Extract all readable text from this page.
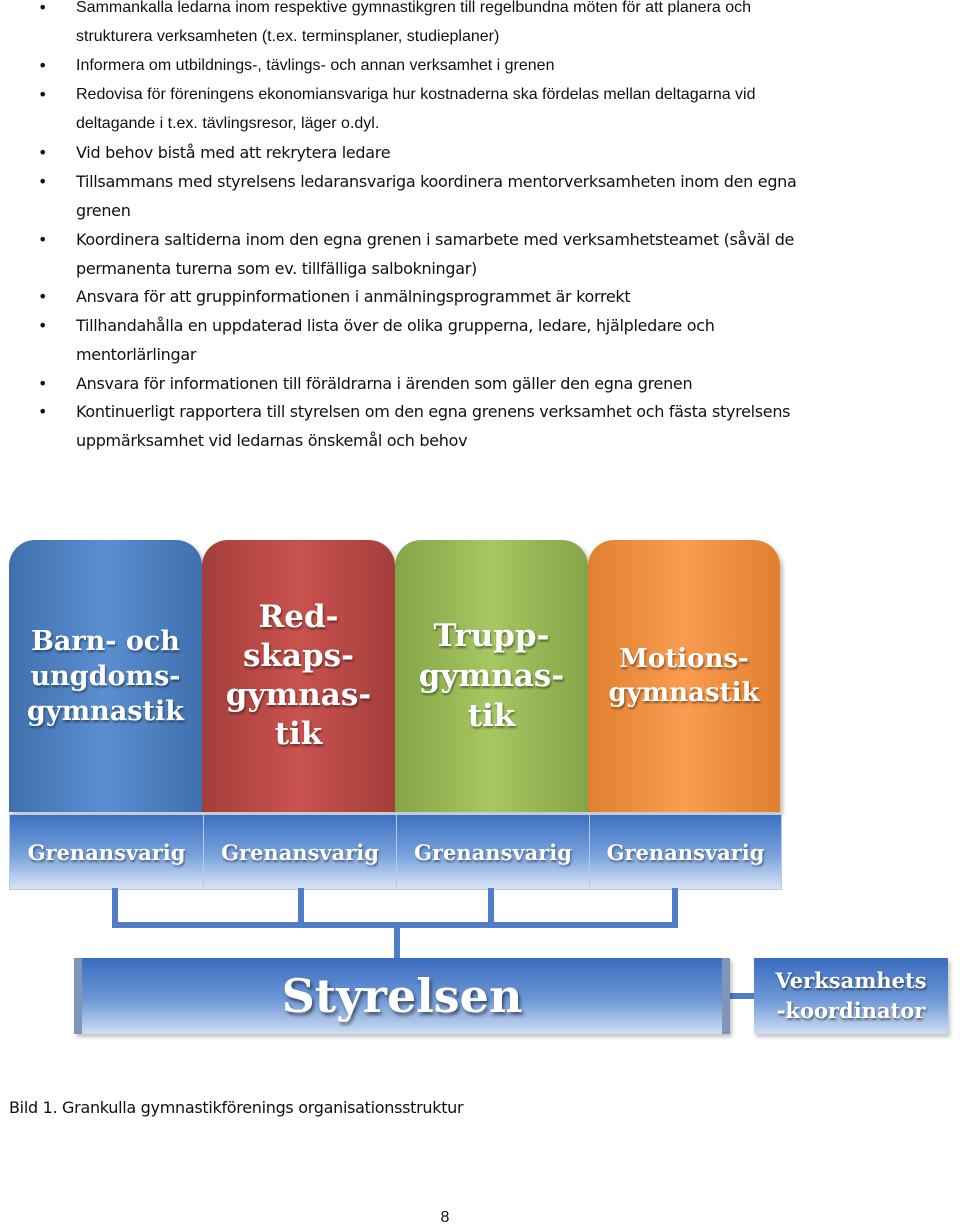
• Sammankalla ledarna inom respektive gymnastikgren till regelbundna möten för att planera och
strukturera verksamheten (t.ex. terminsplaner, studieplaner)
• Informera om utbildnings-, tävlings- och annan verksamhet i grenen
• Redovisa för föreningens ekonomiansvariga hur kostnaderna ska fördelas mellan deltagarna vid
deltagande i t.ex. tävlingsresor, läger o.dyl.
• Vid behov bistå med att rekrytera ledare
• Tillsammans med styrelsens ledaransvariga koordinera mentorverksamheten inom den egna
grenen
• Koordinera saltiderna inom den egna grenen i samarbete med verksamhetsteamet (såväl de
permanenta turerna som ev. tillfälliga salbokningar)
• Ansvara för att gruppinformationen i anmälningsprogrammet är korrekt
• Tillhandahålla en uppdaterad lista över de olika grupperna, ledare, hjälpledare och
mentorlärlingar
• Ansvara för informationen till föräldrarna i ärenden som gäller den egna grenen
• Kontinuerligt rapportera till styrelsen om den egna grenens verksamhet och fästa styrelsens
uppmärksamhet vid ledarnas önskemål och behov
Barn- och
ungdoms-
gymnastik
Red-
skaps-
gymnas-
tik
Trupp-
gymnas-
tik
Motions-
gymnastik
Grenansvarig Grenansvarig Grenansvarig Grenansvarig
Styrelsen	Verksamhets
-koordinator
Bild 1. Grankulla gymnastikförenings organisationsstruktur
8
